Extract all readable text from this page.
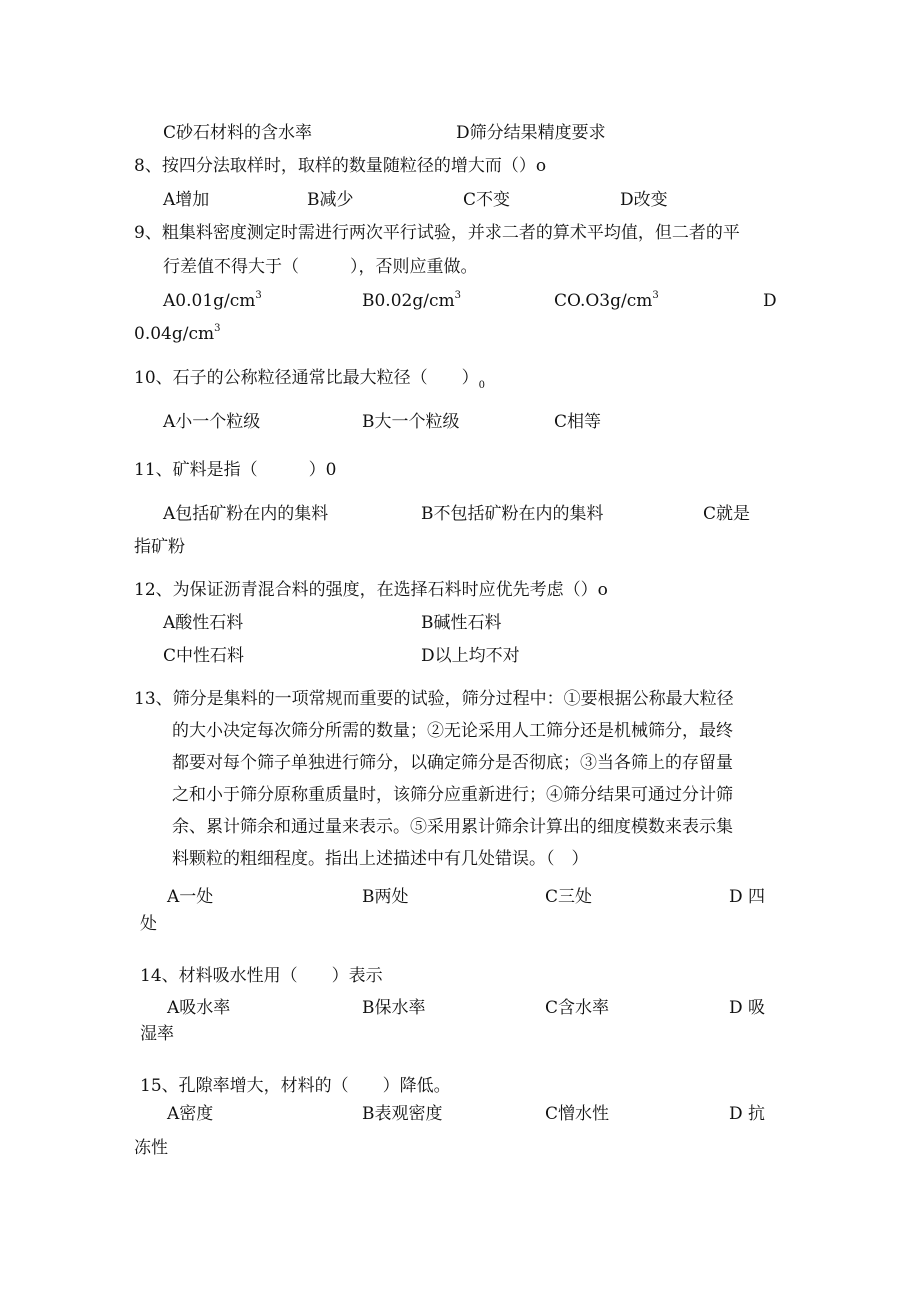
C砂石材料的含水率	D筛分结果精度要求
8、按四分法取样时，取样的数量随粒径的增大而（）o
A增加	B减少	C不变	D改变
9、粗集料密度测定时需进行两次平行试验，并求二者的算术平均值，但二者的平
行差值不得大于（　　　），否则应重做。
$A0.01g∕cm^3$	$B0.02g∕cm^3$	$CO.O3g∕cm^3$	D
$0.04g∕cm^3$
10、石子的公称粒径通常比最大粒径（　　）$_0$
A小一个粒级	B大一个粒级	C相等
11、矿料是指（　　　）0
A包括矿粉在内的集料	B不包括矿粉在内的集料	C就是
指矿粉
12、为保证沥青混合料的强度，在选择石料时应优先考虑（）o
A酸性石料	B碱性石料
C中性石料	D以上均不对
13、筛分是集料的一项常规而重要的试验，筛分过程中：①要根据公称最大粒径
的大小决定每次筛分所需的数量；②无论采用人工筛分还是机械筛分，最终
都要对每个筛子单独进行筛分，以确定筛分是否彻底；③当各筛上的存留量
之和小于筛分原称重质量时，该筛分应重新进行；④筛分结果可通过分计筛
余、累计筛余和通过量来表示。⑤采用累计筛余计算出的细度模数来表示集
料颗粒的粗细程度。指出上述描述中有几处错误。（　）
A一处	B两处	C三处	D 四
处
14、材料吸水性用（　　）表示
A吸水率	B保水率	C含水率	D 吸
湿率
15、孔隙率增大，材料的（　　）降低。
A密度	B表观密度	C憎水性	D 抗
冻性
